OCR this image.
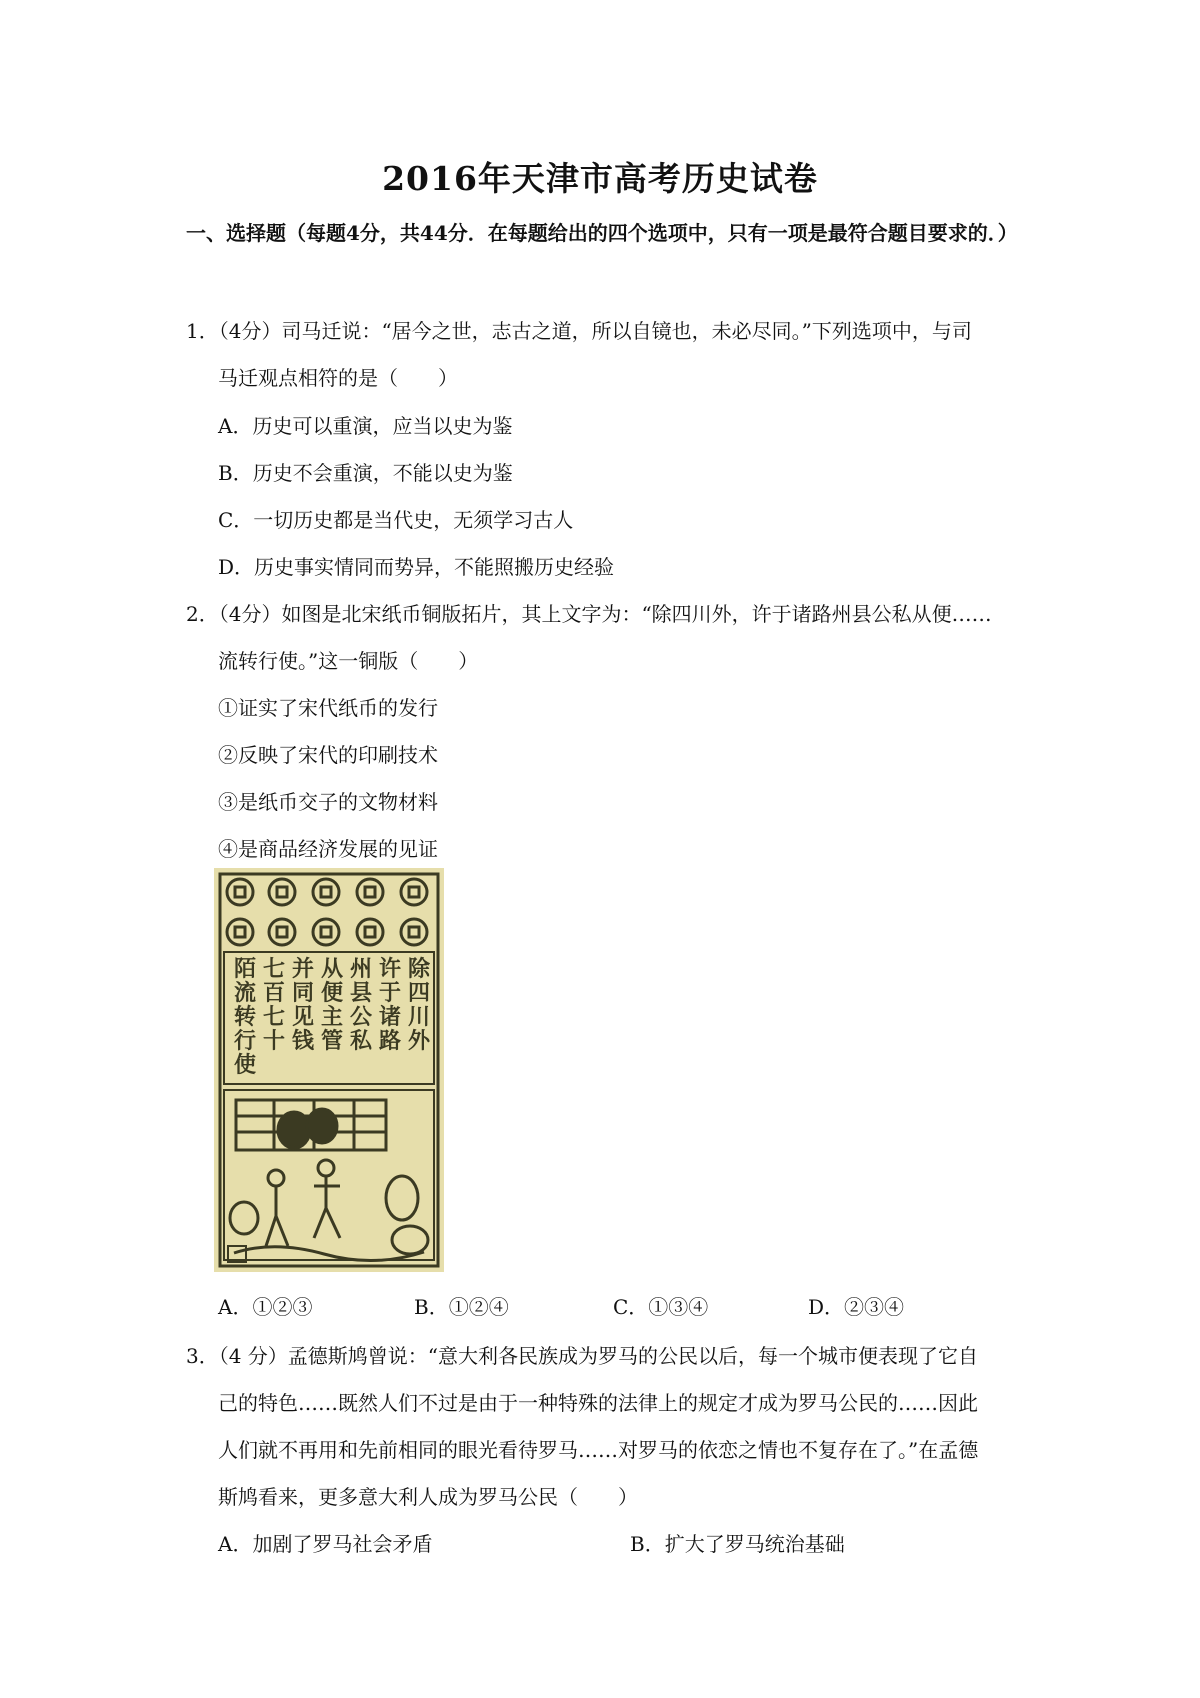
2016年天津市高考历史试卷

一、选择题（每题4分，共44分．在每题给出的四个选项中，只有一项是最符合题目要求的．）

1．（4分）司马迁说：“居今之世，志古之道，所以自镜也，未必尽同。”下列选项中，与司

马迁观点相符的是（　　）

A．历史可以重演，应当以史为鉴

B．历史不会重演，不能以史为鉴

C．一切历史都是当代史，无须学习古人

D．历史事实情同而势异，不能照搬历史经验

2．（4分）如图是北宋纸币铜版拓片，其上文字为：“除四川外，许于诸路州县公私从便……

流转行使。”这一铜版（　　）

①证实了宋代纸币的发行

②反映了宋代的印刷技术

③是纸币交子的文物材料

④是商品经济发展的见证

除
四
川
外
许
于
诸
路
州
县
公
私
从
便
主
管
并
同
见
钱
七
百
七
十
陌
流
转
行
使
A．①②③	B．①②④	C．①③④	D．②③④

3．（4 分）孟德斯鸠曾说：“意大利各民族成为罗马的公民以后，每一个城市便表现了它自

己的特色……既然人们不过是由于一种特殊的法律上的规定才成为罗马公民的……因此

人们就不再用和先前相同的眼光看待罗马……对罗马的依恋之情也不复存在了。”在孟德

斯鸠看来，更多意大利人成为罗马公民（　　）

A．加剧了罗马社会矛盾	B．扩大了罗马统治基础
